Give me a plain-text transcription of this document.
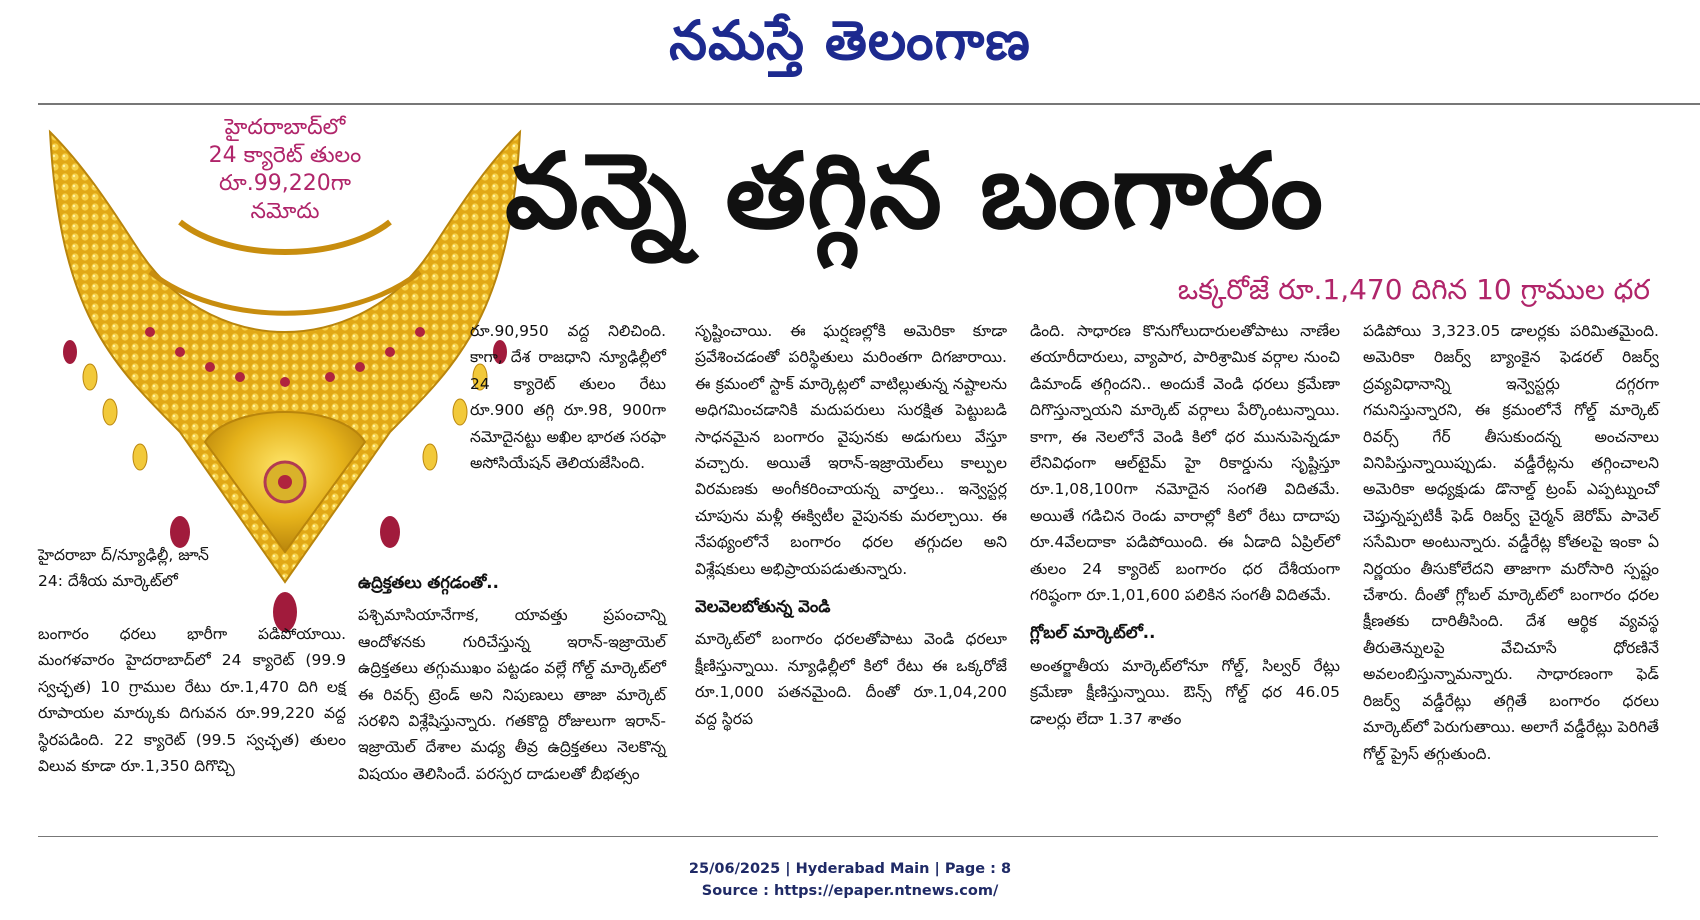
నమస్తే తెలంగాణ
హైదరాబాద్‌లో
24 క్యారెట్ తులం
రూ.99,220గా
నమోదు	వన్నె తగ్గిన బంగారం
ఒక్కరోజే రూ.1,470 దిగిన 10 గ్రాముల ధర
హైదరాబా ద్/న్యూఢిల్లీ, జూన్ 24: దేశీయ మార్కెట్‌లో

బంగారం ధరలు భారీగా పడిపోయాయి. మంగళవారం హైదరాబాద్‌లో 24 క్యారెట్ (99.9 స్వచ్ఛత) 10 గ్రాముల రేటు రూ.1,470 దిగి లక్ష రూపాయల మార్కుకు దిగువన రూ.99,220 వద్ద స్థిరపడింది. 22 క్యారెట్ (99.5 స్వచ్ఛత) తులం విలువ కూడా రూ.1,350 దిగొచ్చి

రూ.90,950 వద్ద నిలిచింది. కాగా, దేశ రాజధాని న్యూఢిల్లీలో 24 క్యారెట్ తులం రేటు రూ.900 తగ్గి రూ.98, 900గా నమోదైనట్టు అఖిల భారత సరఫా అసోసియేషన్ తెలియజేసింది.

ఉద్రిక్తతలు తగ్గడంతో..

పశ్చిమాసియానేగాక, యావత్తు ప్రపంచాన్ని ఆందోళనకు గురిచేస్తున్న ఇరాన్-ఇజ్రాయెల్ ఉద్రిక్తతలు తగ్గుముఖం పట్టడం వల్లే గోల్డ్ మార్కెట్‌లో ఈ రివర్స్ ట్రెండ్ అని నిపుణులు తాజా మార్కెట్ సరళిని విశ్లేషిస్తున్నారు. గతకొద్ది రోజులుగా ఇరాన్-ఇజ్రాయెల్ దేశాల మధ్య తీవ్ర ఉద్రిక్తతలు నెలకొన్న విషయం తెలిసిందే. పరస్పర దాడులతో బీభత్సం

సృష్టించాయి. ఈ ఘర్షణల్లోకి అమెరికా కూడా ప్రవేశించడంతో పరిస్థితులు మరింతగా దిగజారాయి. ఈ క్రమంలో స్టాక్ మార్కెట్లలో వాటిల్లుతున్న నష్టాలను అధిగమించడానికి మదుపరులు సురక్షిత పెట్టుబడి సాధనమైన బంగారం వైపునకు అడుగులు వేస్తూ వచ్చారు. అయితే ఇరాన్-ఇజ్రాయెల్‌లు కాల్పుల విరమణకు అంగీకరించాయన్న వార్తలు.. ఇన్వెస్టర్ల చూపును మళ్లీ ఈక్విటీల వైపునకు మరల్చాయి. ఈ నేపథ్యంలోనే బంగారం ధరల తగ్గుదల అని విశ్లేషకులు అభిప్రాయపడుతున్నారు.

వెలవెలబోతున్న వెండి

మార్కెట్‌లో బంగారం ధరలతోపాటు వెండి ధరలూ క్షీణిస్తున్నాయి. న్యూఢిల్లీలో కిలో రేటు ఈ ఒక్కరోజే రూ.1,000 పతనమైంది. దీంతో రూ.1,04,200 వద్ద స్థిరప

డింది. సాధారణ కొనుగోలుదారులతోపాటు నాణేల తయారీదారులు, వ్యాపార, పారిశ్రామిక వర్గాల నుంచి డిమాండ్ తగ్గిందని.. అందుకే వెండి ధరలు క్రమేణా దిగొస్తున్నాయని మార్కెట్ వర్గాలు పేర్కొంటున్నాయి. కాగా, ఈ నెలలోనే వెండి కిలో ధర మునుపెన్నడూ లేనివిధంగా ఆల్‌టైమ్ హై రికార్డును సృష్టిస్తూ రూ.1,08,100గా నమోదైన సంగతి విదితమే. అయితే గడిచిన రెండు వారాల్లో కిలో రేటు దాదాపు రూ.4వేలదాకా పడిపోయింది. ఈ ఏడాది ఏప్రిల్‌లో తులం 24 క్యారెట్ బంగారం ధర దేశీయంగా గరిష్ఠంగా రూ.1,01,600 పలికిన సంగతీ విదితమే.

గ్లోబల్ మార్కెట్‌లో..

అంతర్జాతీయ మార్కెట్‌లోనూ గోల్డ్, సిల్వర్ రేట్లు క్రమేణా క్షీణిస్తున్నాయి. ఔన్స్ గోల్డ్ ధర 46.05 డాలర్లు లేదా 1.37 శాతం

పడిపోయి 3,323.05 డాలర్లకు పరిమితమైంది. అమెరికా రిజర్వ్ బ్యాంకైన ఫెడరల్ రిజర్వ్ ద్రవ్యవిధానాన్ని ఇన్వెస్టర్లు దగ్గరగా గమనిస్తున్నారని, ఈ క్రమంలోనే గోల్డ్ మార్కెట్ రివర్స్ గేర్ తీసుకుందన్న అంచనాలు వినిపిస్తున్నాయిప్పుడు. వడ్డీరేట్లను తగ్గించాలని అమెరికా అధ్యక్షుడు డొనాల్డ్ ట్రంప్ ఎప్పట్నుంచో చెప్తున్నప్పటికీ ఫెడ్ రిజర్వ్ చైర్మన్ జెరోమ్ పావెల్ ససేమిరా అంటున్నారు. వడ్డీరేట్ల కోతలపై ఇంకా ఏ నిర్ణయం తీసుకోలేదని తాజాగా మరోసారి స్పష్టం చేశారు. దీంతో గ్లోబల్ మార్కెట్‌లో బంగారం ధరల క్షీణతకు దారితీసింది. దేశ ఆర్థిక వ్యవస్థ తీరుతెన్నులపై వేచిచూసే ధోరణినే అవలంబిస్తున్నామన్నారు. సాధారణంగా ఫెడ్ రిజర్వ్ వడ్డీరేట్లు తగ్గితే బంగారం ధరలు మార్కెట్‌లో పెరుగుతాయి. అలాగే వడ్డీరేట్లు పెరిగితే గోల్డ్ ప్రైస్ తగ్గుతుంది.

25/06/2025 | Hyderabad Main | Page : 8
Source : https://epaper.ntnews.com/
